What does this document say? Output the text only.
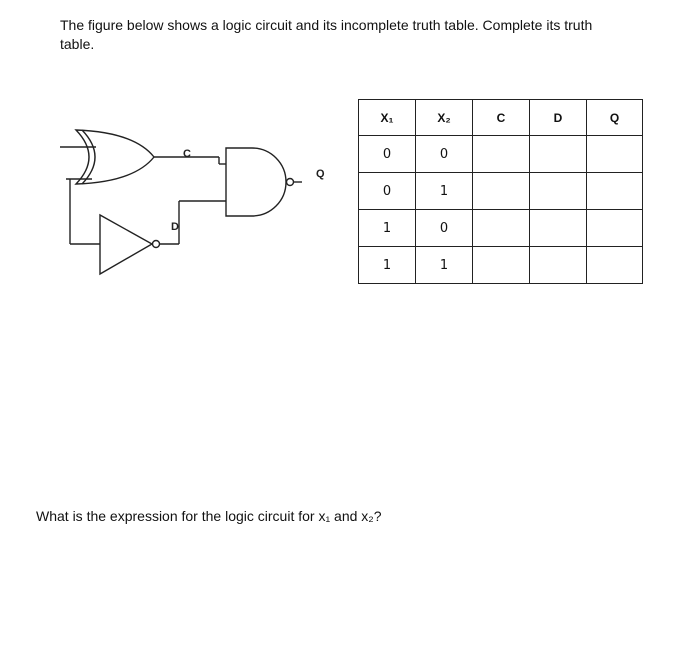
The figure below shows a logic circuit and its incomplete truth table. Complete its truth table.

C
D
Q
X₁	X₂	C	D	Q
0	0			
0	1			
1	0			
1	1			

What is the expression for the logic circuit for x₁ and x₂?
